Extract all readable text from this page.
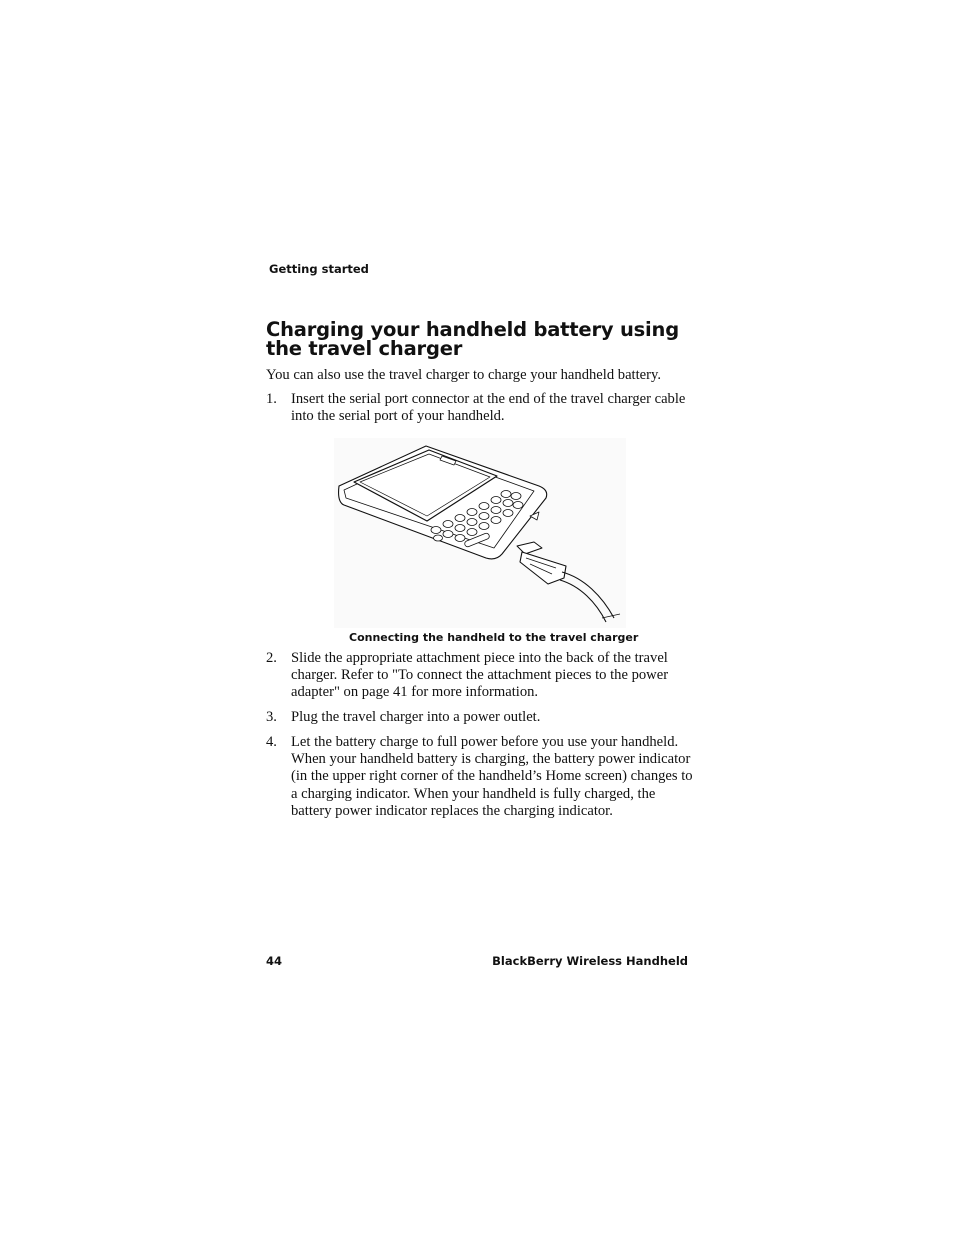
Getting started
Charging your handheld battery using the travel charger

You can also use the travel charger to charge your handheld battery.

1. Insert the serial port connector at the end of the travel charger cable into the serial port of your handheld.
Connecting the handheld to the travel charger
2. Slide the appropriate attachment piece into the back of the travel charger. Refer to "To connect the attachment pieces to the power adapter" on page 41 for more information.
3. Plug the travel charger into a power outlet.
4. Let the battery charge to full power before you use your handheld. When your handheld battery is charging, the battery power indicator (in the upper right corner of the handheld’s Home screen) changes to a charging indicator. When your handheld is fully charged, the battery power indicator replaces the charging indicator.
44	BlackBerry Wireless Handheld
